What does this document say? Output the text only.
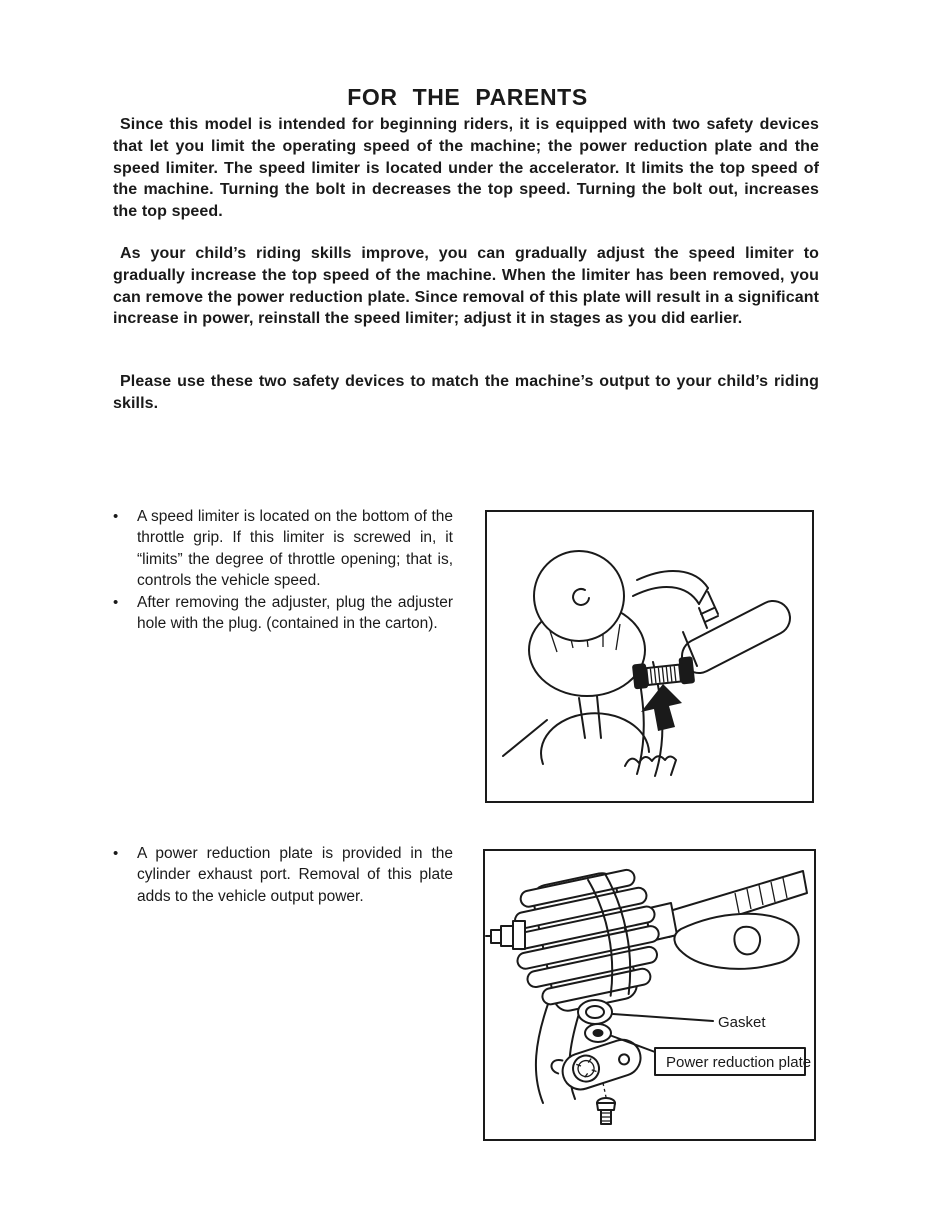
FOR THE PARENTS

Since this model is intended for beginning riders, it is equipped with two safety devices that let you limit the operating speed of the machine; the power reduction plate and the speed limiter. The speed limiter is located under the accelerator. It limits the top speed of the machine. Turning the bolt in decreases the top speed. Turning the bolt out, increases the top speed.

As your child’s riding skills improve, you can gradually adjust the speed limiter to gradually increase the top speed of the machine. When the limiter has been removed, you can remove the power reduction plate. Since removal of this plate will result in a significant increase in power, reinstall the speed limiter; adjust it in stages as you did earlier.

Please use these two safety devices to match the machine’s output to your child’s riding skills.

•	A speed limiter is located on the bottom of the throttle grip. If this limiter is screwed in, it “limits” the degree of throttle opening; that is, controls the vehicle speed.
•	After removing the adjuster, plug the adjuster hole with the plug. (contained in the carton).
•	A power reduction plate is provided in the cylinder exhaust port. Removal of this plate adds to the vehicle output power.
Gasket
Power reduction plate
